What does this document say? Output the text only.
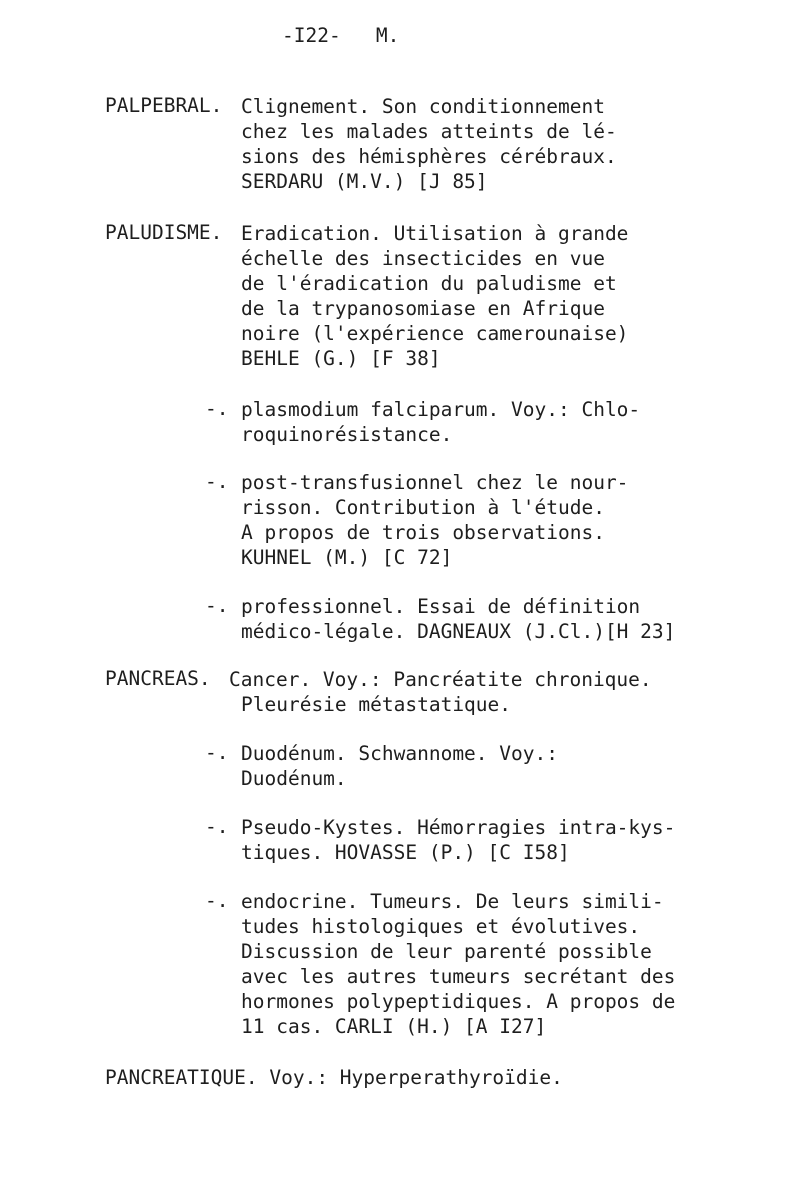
-I22-   M.
PALPEBRAL. Clignement. Son conditionnement
chez les malades atteints de lé-
sions des hémisphères cérébraux.
SERDARU (M.V.) [J 85]
PALUDISME. Eradication. Utilisation à grande
échelle des insecticides en vue
de l'éradication du paludisme et
de la trypanosomiase en Afrique
noire (l'expérience camerounaise)
BEHLE (G.) [F 38]
-. plasmodium falciparum. Voy.: Chlo-
roquinorésistance.
-. post-transfusionnel chez le nour-
risson. Contribution à l'étude.
A propos de trois observations.
KUHNEL (M.) [C 72]
-. professionnel. Essai de définition
médico-légale. DAGNEAUX (J.Cl.)[H 23]
PANCREAS. Cancer. Voy.: Pancréatite chronique.
Pleurésie métastatique.
-. Duodénum. Schwannome. Voy.:
Duodénum.
-. Pseudo-Kystes. Hémorragies intra-kys-
tiques. HOVASSE (P.) [C I58]
-. endocrine. Tumeurs. De leurs simili-
tudes histologiques et évolutives.
Discussion de leur parenté possible
avec les autres tumeurs secrétant des
hormones polypeptidiques. A propos de
11 cas. CARLI (H.) [A I27]
PANCREATIQUE. Voy.: Hyperperathyroïdie.
